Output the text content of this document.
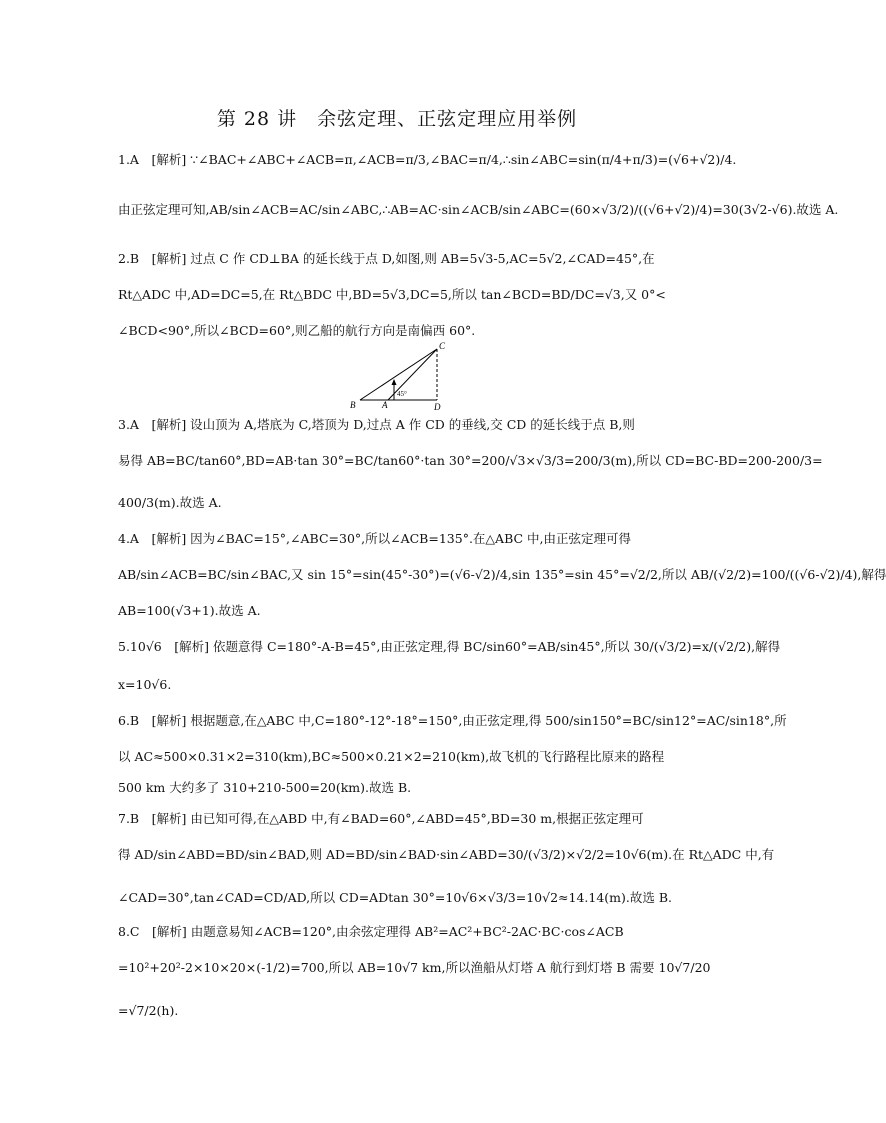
第 28 讲　余弦定理、正弦定理应用举例
1.A　[解析] ∵∠BAC+∠ABC+∠ACB=π,∠ACB=π/3,∠BAC=π/4,∴sin∠ABC=sin(π/4+π/3)=(√6+√2)/4.
由正弦定理可知,AB/sin∠ACB=AC/sin∠ABC,∴AB=AC·sin∠ACB/sin∠ABC=(60×√3/2)/((√6+√2)/4)=30(3√2-√6).故选 A.
2.B　[解析] 过点 C 作 CD⊥BA 的延长线于点 D,如图,则 AB=5√3-5,AC=5√2,∠CAD=45°,在
Rt△ADC 中,AD=DC=5,在 Rt△BDC 中,BD=5√3,DC=5,所以 tan∠BCD=BD/DC=√3,又 0°<
∠BCD<90°,所以∠BCD=60°,则乙船的航行方向是南偏西 60°.
B	A
C
D
45°
3.A　[解析] 设山顶为 A,塔底为 C,塔顶为 D,过点 A 作 CD 的垂线,交 CD 的延长线于点 B,则
易得 AB=BC/tan60°,BD=AB·tan 30°=BC/tan60°·tan 30°=200/√3×√3/3=200/3(m),所以 CD=BC-BD=200-200/3=
400/3(m).故选 A.
4.A　[解析] 因为∠BAC=15°,∠ABC=30°,所以∠ACB=135°.在△ABC 中,由正弦定理可得
AB/sin∠ACB=BC/sin∠BAC,又 sin 15°=sin(45°-30°)=(√6-√2)/4,sin 135°=sin 45°=√2/2,所以 AB/(√2/2)=100/((√6-√2)/4),解得
AB=100(√3+1).故选 A.
5.10√6　[解析] 依题意得 C=180°-A-B=45°,由正弦定理,得 BC/sin60°=AB/sin45°,所以 30/(√3/2)=x/(√2/2),解得
x=10√6.
6.B　[解析] 根据题意,在△ABC 中,C=180°-12°-18°=150°,由正弦定理,得 500/sin150°=BC/sin12°=AC/sin18°,所
以 AC≈500×0.31×2=310(km),BC≈500×0.21×2=210(km),故飞机的飞行路程比原来的路程
500 km 大约多了 310+210-500=20(km).故选 B.
7.B　[解析] 由已知可得,在△ABD 中,有∠BAD=60°,∠ABD=45°,BD=30 m,根据正弦定理可
得 AD/sin∠ABD=BD/sin∠BAD,则 AD=BD/sin∠BAD·sin∠ABD=30/(√3/2)×√2/2=10√6(m).在 Rt△ADC 中,有
∠CAD=30°,tan∠CAD=CD/AD,所以 CD=ADtan 30°=10√6×√3/3=10√2≈14.14(m).故选 B.
8.C　[解析] 由题意易知∠ACB=120°,由余弦定理得 AB²=AC²+BC²-2AC·BC·cos∠ACB
=10²+20²-2×10×20×(-1/2)=700,所以 AB=10√7 km,所以渔船从灯塔 A 航行到灯塔 B 需要 10√7/20
=√7/2(h).
